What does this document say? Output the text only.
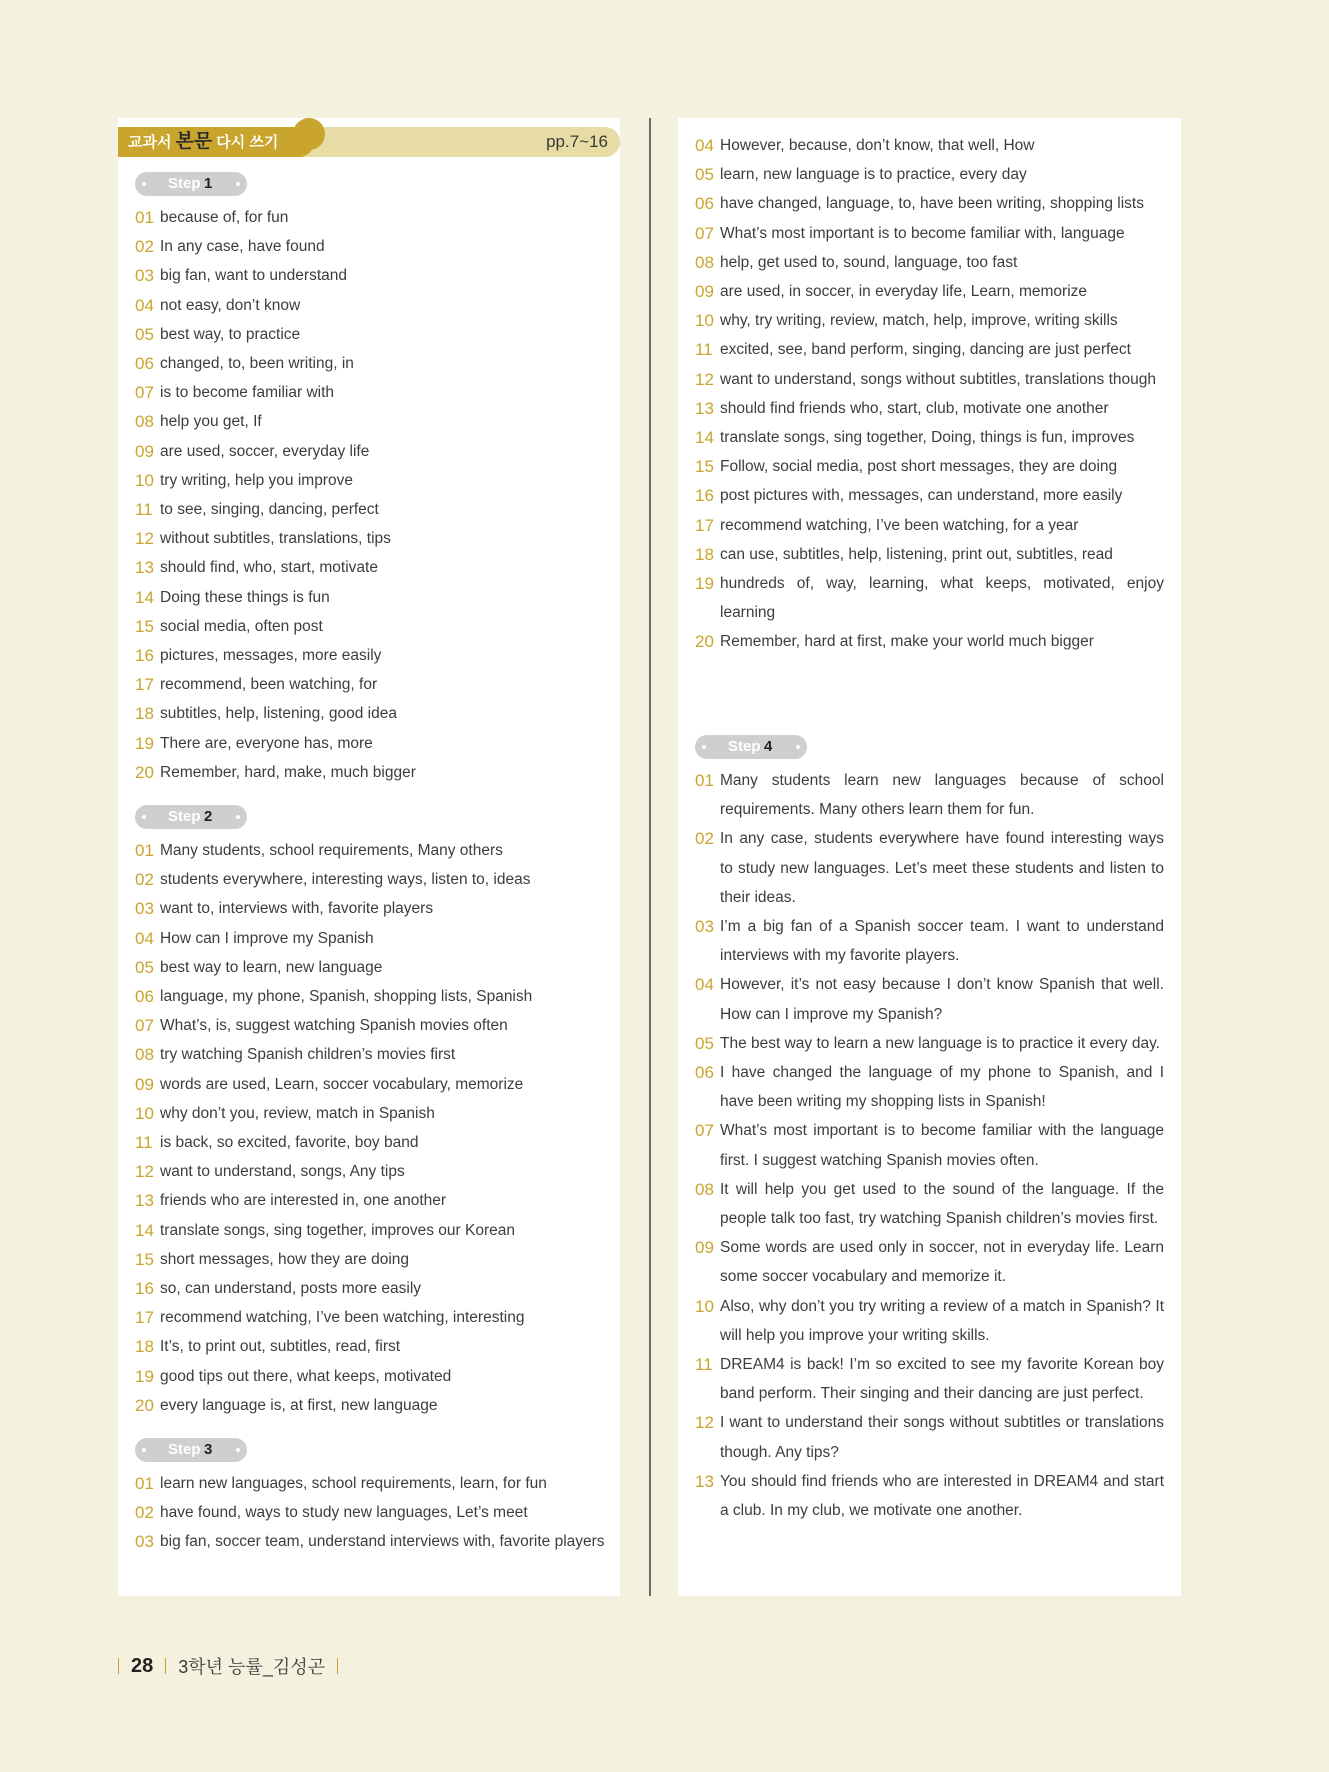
교과서 본문 다시 쓰기	pp.7~16
Step 1
01 because of, for fun
02 In any case, have found
03 big fan, want to understand
04 not easy, don’t know
05 best way, to practice
06 changed, to, been writing, in
07 is to become familiar with
08 help you get, If
09 are used, soccer, everyday life
10 try writing, help you improve
11 to see, singing, dancing, perfect
12 without subtitles, translations, tips
13 should find, who, start, motivate
14 Doing these things is fun
15 social media, often post
16 pictures, messages, more easily
17 recommend, been watching, for
18 subtitles, help, listening, good idea
19 There are, everyone has, more
20 Remember, hard, make, much bigger
Step 2
01 Many students, school requirements, Many others
02 students everywhere, interesting ways, listen to, ideas
03 want to, interviews with, favorite players
04 How can I improve my Spanish
05 best way to learn, new language
06 language, my phone, Spanish, shopping lists, Spanish
07 What’s, is, suggest watching Spanish movies often
08 try watching Spanish children’s movies first
09 words are used, Learn, soccer vocabulary, memorize
10 why don’t you, review, match in Spanish
11 is back, so excited, favorite, boy band
12 want to understand, songs, Any tips
13 friends who are interested in, one another
14 translate songs, sing together, improves our Korean
15 short messages, how they are doing
16 so, can understand, posts more easily
17 recommend watching, I’ve been watching, interesting
18 It’s, to print out, subtitles, read, first
19 good tips out there, what keeps, motivated
20 every language is, at first, new language
Step 3
01 learn new languages, school requirements, learn, for fun
02 have found, ways to study new languages, Let’s meet
03 big fan, soccer team, understand interviews with, favorite players
04 However, because, don’t know, that well, How
05 learn, new language is to practice, every day
06 have changed, language, to, have been writing, shopping lists
07 What’s most important is to become familiar with, language
08 help, get used to, sound, language, too fast
09 are used, in soccer, in everyday life, Learn, memorize
10 why, try writing, review, match, help, improve, writing skills
11 excited, see, band perform, singing, dancing are just perfect
12 want to understand, songs without subtitles, translations though
13 should find friends who, start, club, motivate one another
14 translate songs, sing together, Doing, things is fun, improves
15 Follow, social media, post short messages, they are doing
16 post pictures with, messages, can understand, more easily
17 recommend watching, I’ve been watching, for a year
18 can use, subtitles, help, listening, print out, subtitles, read
19 hundreds of, way, learning, what keeps, motivated, enjoy learning
20 Remember, hard at first, make your world much bigger
Step 4
01 Many students learn new languages because of school requirements. Many others learn them for fun.
02 In any case, students everywhere have found interesting ways to study new languages. Let’s meet these students and listen to their ideas.
03 I’m a big fan of a Spanish soccer team. I want to understand interviews with my favorite players.
04 However, it’s not easy because I don’t know Spanish that well. How can I improve my Spanish?
05 The best way to learn a new language is to practice it every day.
06 I have changed the language of my phone to Spanish, and I have been writing my shopping lists in Spanish!
07 What’s most important is to become familiar with the language first. I suggest watching Spanish movies often.
08 It will help you get used to the sound of the language. If the people talk too fast, try watching Spanish children’s movies first.
09 Some words are used only in soccer, not in everyday life. Learn some soccer vocabulary and memorize it.
10 Also, why don’t you try writing a review of a match in Spanish? It will help you improve your writing skills.
11 DREAM4 is back! I’m so excited to see my favorite Korean boy band perform. Their singing and their dancing are just perfect.
12 I want to understand their songs without subtitles or translations though. Any tips?
13 You should find friends who are interested in DREAM4 and start a club. In my club, we motivate one another.
28 3학년 능률_김성곤
